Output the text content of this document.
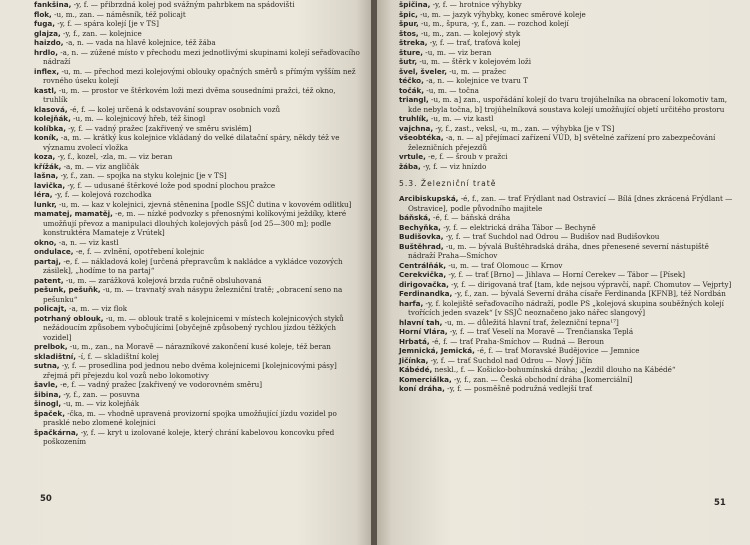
fankšina, -y, f. — přibrzdná kolej pod svážným pahrbkem na spádovišti
flok, -u, m., zan. — náměsník, též policajt
fuga, -y, f. — spára kolejí [je v TS]
glajza, -y, f., zan. — kolejnice
haizdo, -a, n. — vada na hlavě kolejnice, též žába
hrdlo, -a, n. — zúžené místo v přechodu mezi jednotlivými skupinami kolejí seřaďovacího nádraží
inflex, -u, m. — přechod mezi kolejovými oblouky opačných směrů s přímým vyšším než rovného úseku kolejí
kastl, -u, m. — prostor ve štěrkovém loži mezi dvěma sousedními pražci, též okno, truhlík
klasová, -é, f. — kolej určená k odstavování souprav osobních vozů
kolejňák, -u, m. — kolejnicový hřeb, též šinogl
kolíbka, -y, f. — vadný pražec [zakřivený ve směru svislém]
koník, -a, m. — krátký kus kolejnice vkládaný do velké dilatační spáry, někdy též ve významu zvolecí vložka
koza, -y, f., kozel, -zla, m. — viz beran
křížák, -a, m. — viz angličák
lašna, -y, f., zan. — spojka na styku kolejnic [je v TS]
lavička, -y, f. — udusané štěrkové lože pod spodní plochou pražce
léra, -y, f. — kolejová rozchodka
lunkr, -u, m. — kaz v kolejnici, zjevná stěnenina [podle SSJČ dutina v kovovém odlitku]
mamatej, mamatěj, -e, m. — nízké podvozky s přenosnými kolíkovými ježdíky, které umožňují převoz a manipulaci dlouhých kolejových pásů [od 25—300 m]; podle konstruktéra Mamateje z Vrútek]
okno, -a, n. — viz kastl
ondulace, -e, f. — zvlnění, opotřebení kolejnic
partaj, -e, f. — nákladová kolej [určená přepravcům k nakládce a vykládce vozových zásilek], „hodíme to na partaj“
patent, -u, m. — zarážková kolejová brzda ručně obsluhovaná
pešunk, pešuňk, -u, m. — travnatý svah násypu železniční tratě; „obracení seno na pešunku“
policajt, -a, m. — viz flok
potrhaný oblouk, -u, m. — oblouk tratě s kolejnicemi v místech kolejnicových styků nežádoucím způsobem vybočujícími [obyčejně způsobený rychlou jízdou těžkých vozidel]
prelbok, -u, m., zan., na Moravě — nárazníkové zakončení kusé koleje, též beran
skladištní, -í, f. — skladištní kolej
sutna, -y, f. — prosedlina pod jednou nebo dvěma kolejnicemi [kolejnicovými pásy] zřejmá při přejezdu kol vozů nebo lokomotivy
šavle, -e, f. — vadný pražec [zakřivený ve vodorovném směru]
šibina, -y, f., zan. — posuvna
šinogl, -u, m. — viz kolejňák
špaček, -čka, m. — vhodně upravená provizorní spojka umožňující jízdu vozidel po prasklé nebo zlomené kolejnici
špačkárna, -y, f. — kryt u izolované koleje, který chrání kabelovou koncovku před poškozením
50
špičina, -y, f. — hrotnice výhybky
špic, -u, m. — jazyk výhybky, konec směrové koleje
špur, -u, m., špura, -y, f., zan. — rozchod kolejí
štos, -u, m., zan. — kolejový styk
štreka, -y, f. — trať, traťová kolej
šture, -u, m. — viz beran
šutr, -u, m. — štěrk v kolejovém loži
švel, šveler, -u, m. — pražec
téčko, -a, n. — kolejnice ve tvaru T
točák, -u, m. — točna
triangl, -u, m. a] zan., uspořádání kolejí do tvaru trojúhelníka na obracení lokomotiv tam, kde nebyla točna, b] trojúhelníková soustava kolejí umožňující objetí určitého prostoru
truhlík, -u, m. — viz kastl
vajchna, -y, f., zast., veksl, -u, m., zan. — výhybka [je v TS]
všeobtéka, -a, n. — a] přejímací zařízení VÚD, b] světelné zařízení pro zabezpečování železničních přejezdů
vrtule, -e, f. — šroub v pražci
žába, -y, f. — viz hnízdo
5.3. Železniční tratě
Arcibiskupská, -é, f., zan. — trať Frýdlant nad Ostravicí — Bílá [dnes zkrácená Frýdlant — Ostravice], podle původního majitele
báňská, -é, f. — báňská dráha
Bechyňka, -y, f. — elektrická dráha Tábor — Bechyně
Budišovka, -y, f. — trať Suchdol nad Odrou — Budišov nad Budišovkou
Buštěhrad, -u, m. — bývalá Buštěhradská dráha, dnes přenesené severní nástupiště nádraží Praha—Smíchov
Centrálňák, -u, m. — trať Olomouc — Krnov
Cerekvička, -y, f. — trať [Brno] — Jihlava — Horní Cerekev — Tábor — [Písek]
dirigovačka, -y, f. — dirigovaná trať [tam, kde nejsou výpravčí, např. Chomutov — Vejprty]
Ferdinandka, -y, f., zan. — bývalá Severní dráha císaře Ferdinanda [KFNB], též Nordbán
harfa, -y, f. kolejiště seřaďovacího nádraží, podle PS „kolejová skupina souběžných kolejí tvořících jeden svazek“ [v SSJČ neoznačeno jako nářec slangový]
hlavní tah, -u, m. — důležitá hlavní trať, železniční tepna¹⁷]
Horní Vlára, -y, f. — trať Veselí na Moravě — Trenčianska Teplá
Hrbatá, -é, f. — trať Praha-Smíchov — Rudná — Beroun
Jemnická, Jemická, -é, f. — trať Moravské Budějovice — Jemnice
Jičínka, -y, f. — trať Suchdol nad Odrou — Nový Jičín
Kábédé, neskl., f. — Košicko-bohumínská dráha; „Jezdil dlouho na Kábédé“
Komerciálka, -y, f., zan. — Česká obchodní dráha [komerciální]
koní dráha, -y, f. — posměšně podružná vedlejší trať
51
